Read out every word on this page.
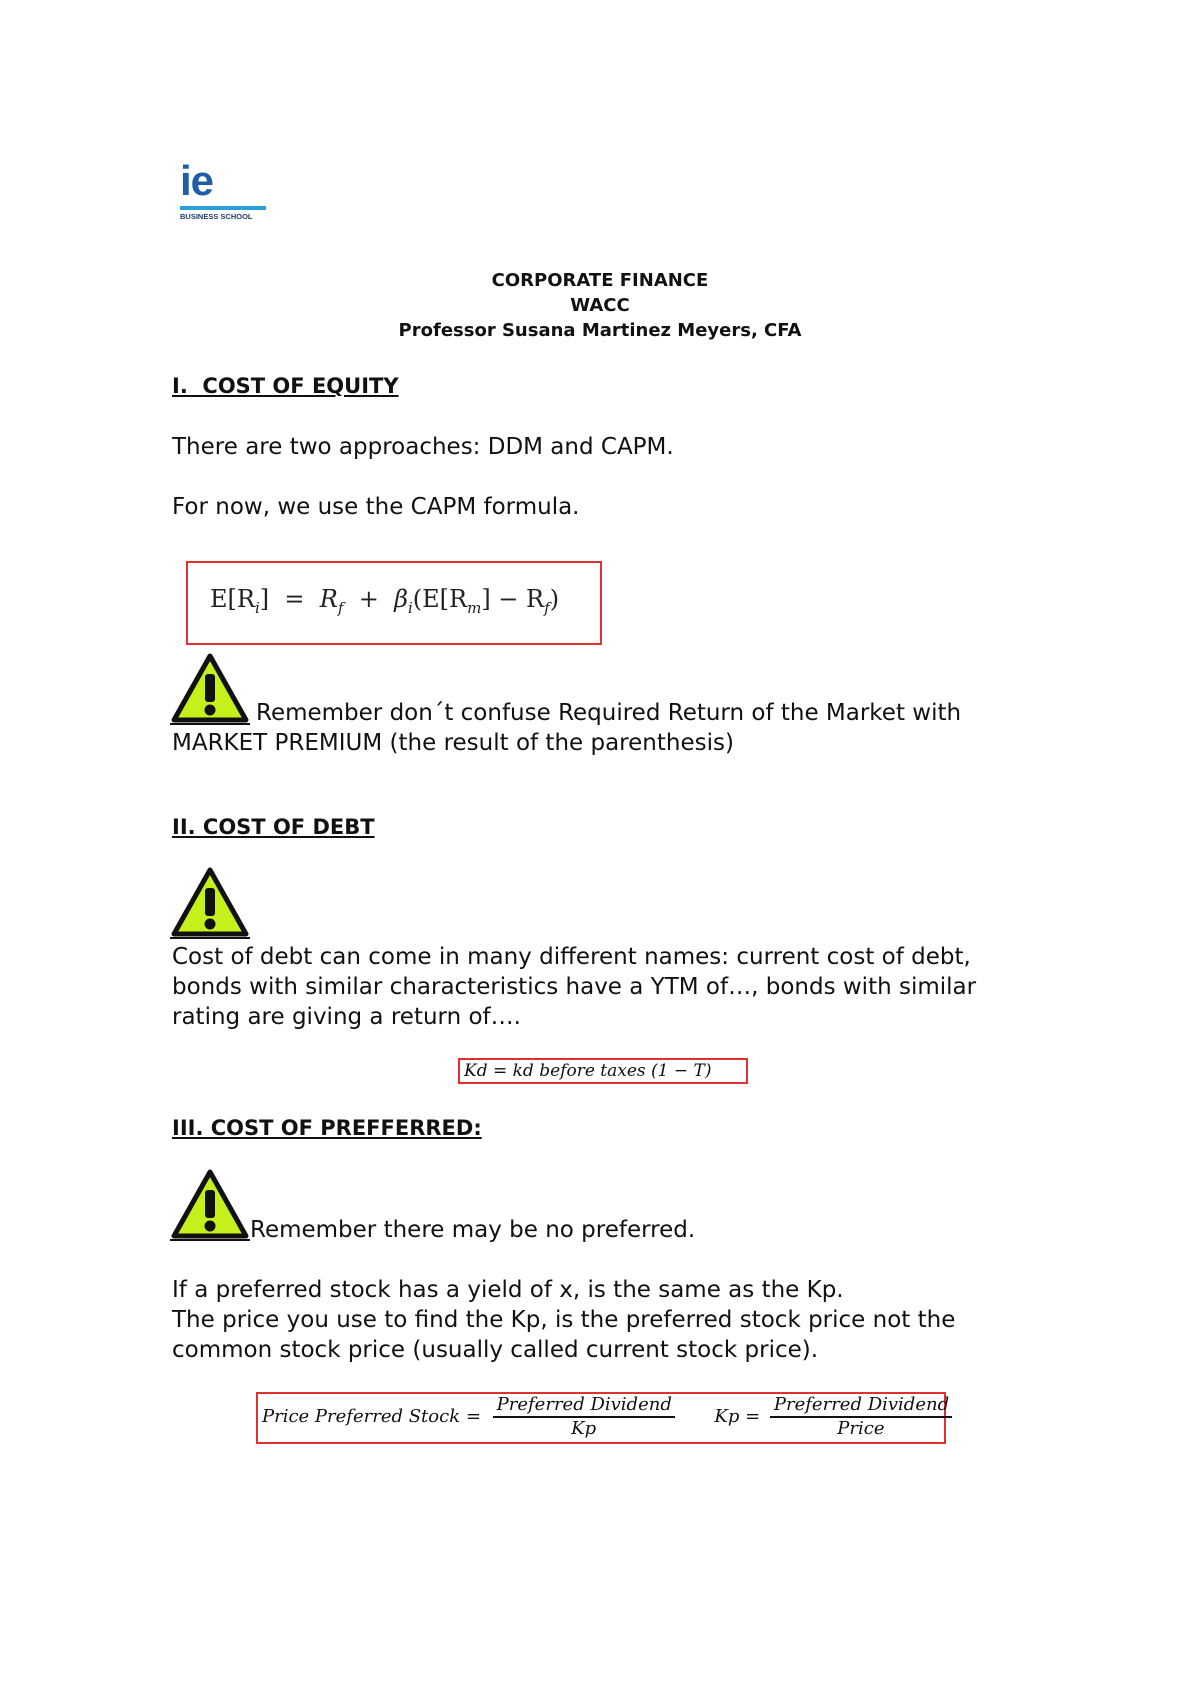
ie
BUSINESS SCHOOL
CORPORATE FINANCE
WACC
Professor Susana Martinez Meyers, CFA
I.  COST OF EQUITY
There are two approaches: DDM and CAPM.
For now, we use the CAPM formula.
$E[R_i] = R_f + \beta_i(E[R_m] - R_f)$
Remember don´t confuse Required Return of the Market with MARKET PREMIUM (the result of the parenthesis)
II. COST OF DEBT
Cost of debt can come in many different names: current cost of debt, bonds with similar characteristics have a YTM of…, bonds with similar rating are giving a return of….
Kd = kd before taxes (1 − T)
III. COST OF PREFFERRED:
Remember there may be no preferred.
If a preferred stock has a yield of x, is the same as the Kp.
The price you use to find the Kp, is the preferred stock price not the common stock price (usually called current stock price).
Price Preferred Stock = $\frac{\text{Preferred Dividend}}{Kp}$ $Kp = \frac{\text{Preferred Dividend}}{\text{Price}}$
